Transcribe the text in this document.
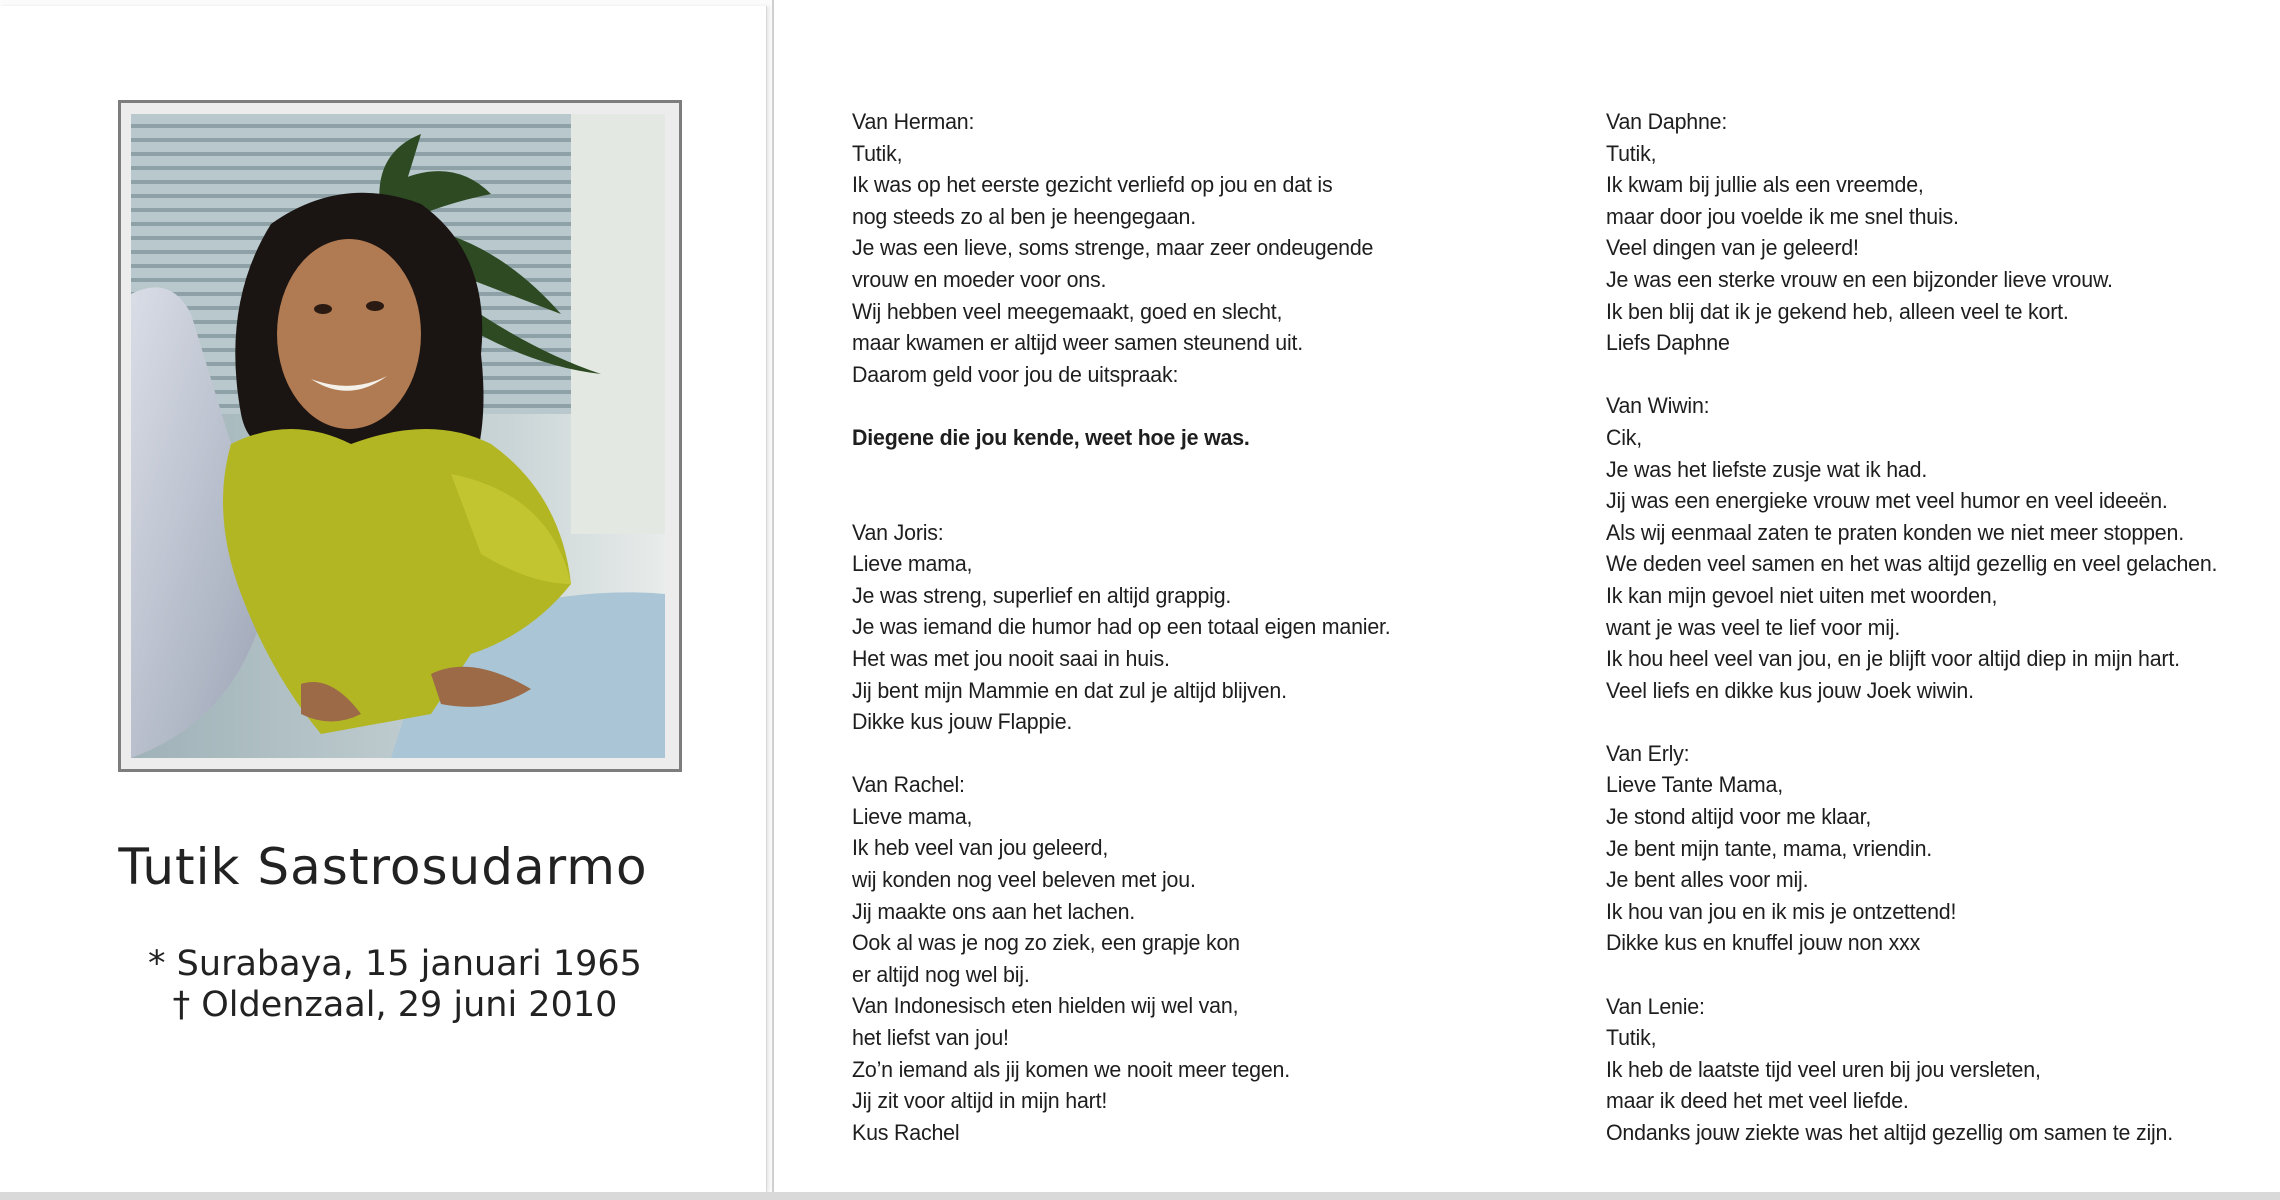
Tutik Sastrosudarmo
* Surabaya, 15 januari 1965
† Oldenzaal, 29 juni 2010

Van Herman:

Tutik,

Ik was op het eerste gezicht verliefd op jou en dat is

nog steeds zo al ben je heengegaan.

Je was een lieve, soms strenge, maar zeer ondeugende

vrouw en moeder voor ons.

Wij hebben veel meegemaakt, goed en slecht,

maar kwamen er altijd weer samen steunend uit.

Daarom geld voor jou de uitspraak:

Diegene die jou kende, weet hoe je was.

Van Joris:

Lieve mama,

Je was streng, superlief en altijd grappig.

Je was iemand die humor had op een totaal eigen manier.

Het was met jou nooit saai in huis.

Jij bent mijn Mammie en dat zul je altijd blijven.

Dikke kus jouw Flappie.

Van Rachel:

Lieve mama,

Ik heb veel van jou geleerd,

wij konden nog veel beleven met jou.

Jij maakte ons aan het lachen.

Ook al was je nog zo ziek, een grapje kon

er altijd nog wel bij.

Van Indonesisch eten hielden wij wel van,

het liefst van jou!

Zo’n iemand als jij komen we nooit meer tegen.

Jij zit voor altijd in mijn hart!

Kus Rachel

Van Daphne:

Tutik,

Ik kwam bij jullie als een vreemde,

maar door jou voelde ik me snel thuis.

Veel dingen van je geleerd!

Je was een sterke vrouw en een bijzonder lieve vrouw.

Ik ben blij dat ik je gekend heb, alleen veel te kort.

Liefs Daphne

Van Wiwin:

Cik,

Je was het liefste zusje wat ik had.

Jij was een energieke vrouw met veel humor en veel ideeën.

Als wij eenmaal zaten te praten konden we niet meer stoppen.

We deden veel samen en het was altijd gezellig en veel gelachen.

Ik kan mijn gevoel niet uiten met woorden,

want je was veel te lief voor mij.

Ik hou heel veel van jou, en je blijft voor altijd diep in mijn hart.

Veel liefs en dikke kus jouw Joek wiwin.

Van Erly:

Lieve Tante Mama,

Je stond altijd voor me klaar,

Je bent mijn tante, mama, vriendin.

Je bent alles voor mij.

Ik hou van jou en ik mis je ontzettend!

Dikke kus en knuffel jouw non xxx

Van Lenie:

Tutik,

Ik heb de laatste tijd veel uren bij jou versleten,

maar ik deed het met veel liefde.

Ondanks jouw ziekte was het altijd gezellig om samen te zijn.
